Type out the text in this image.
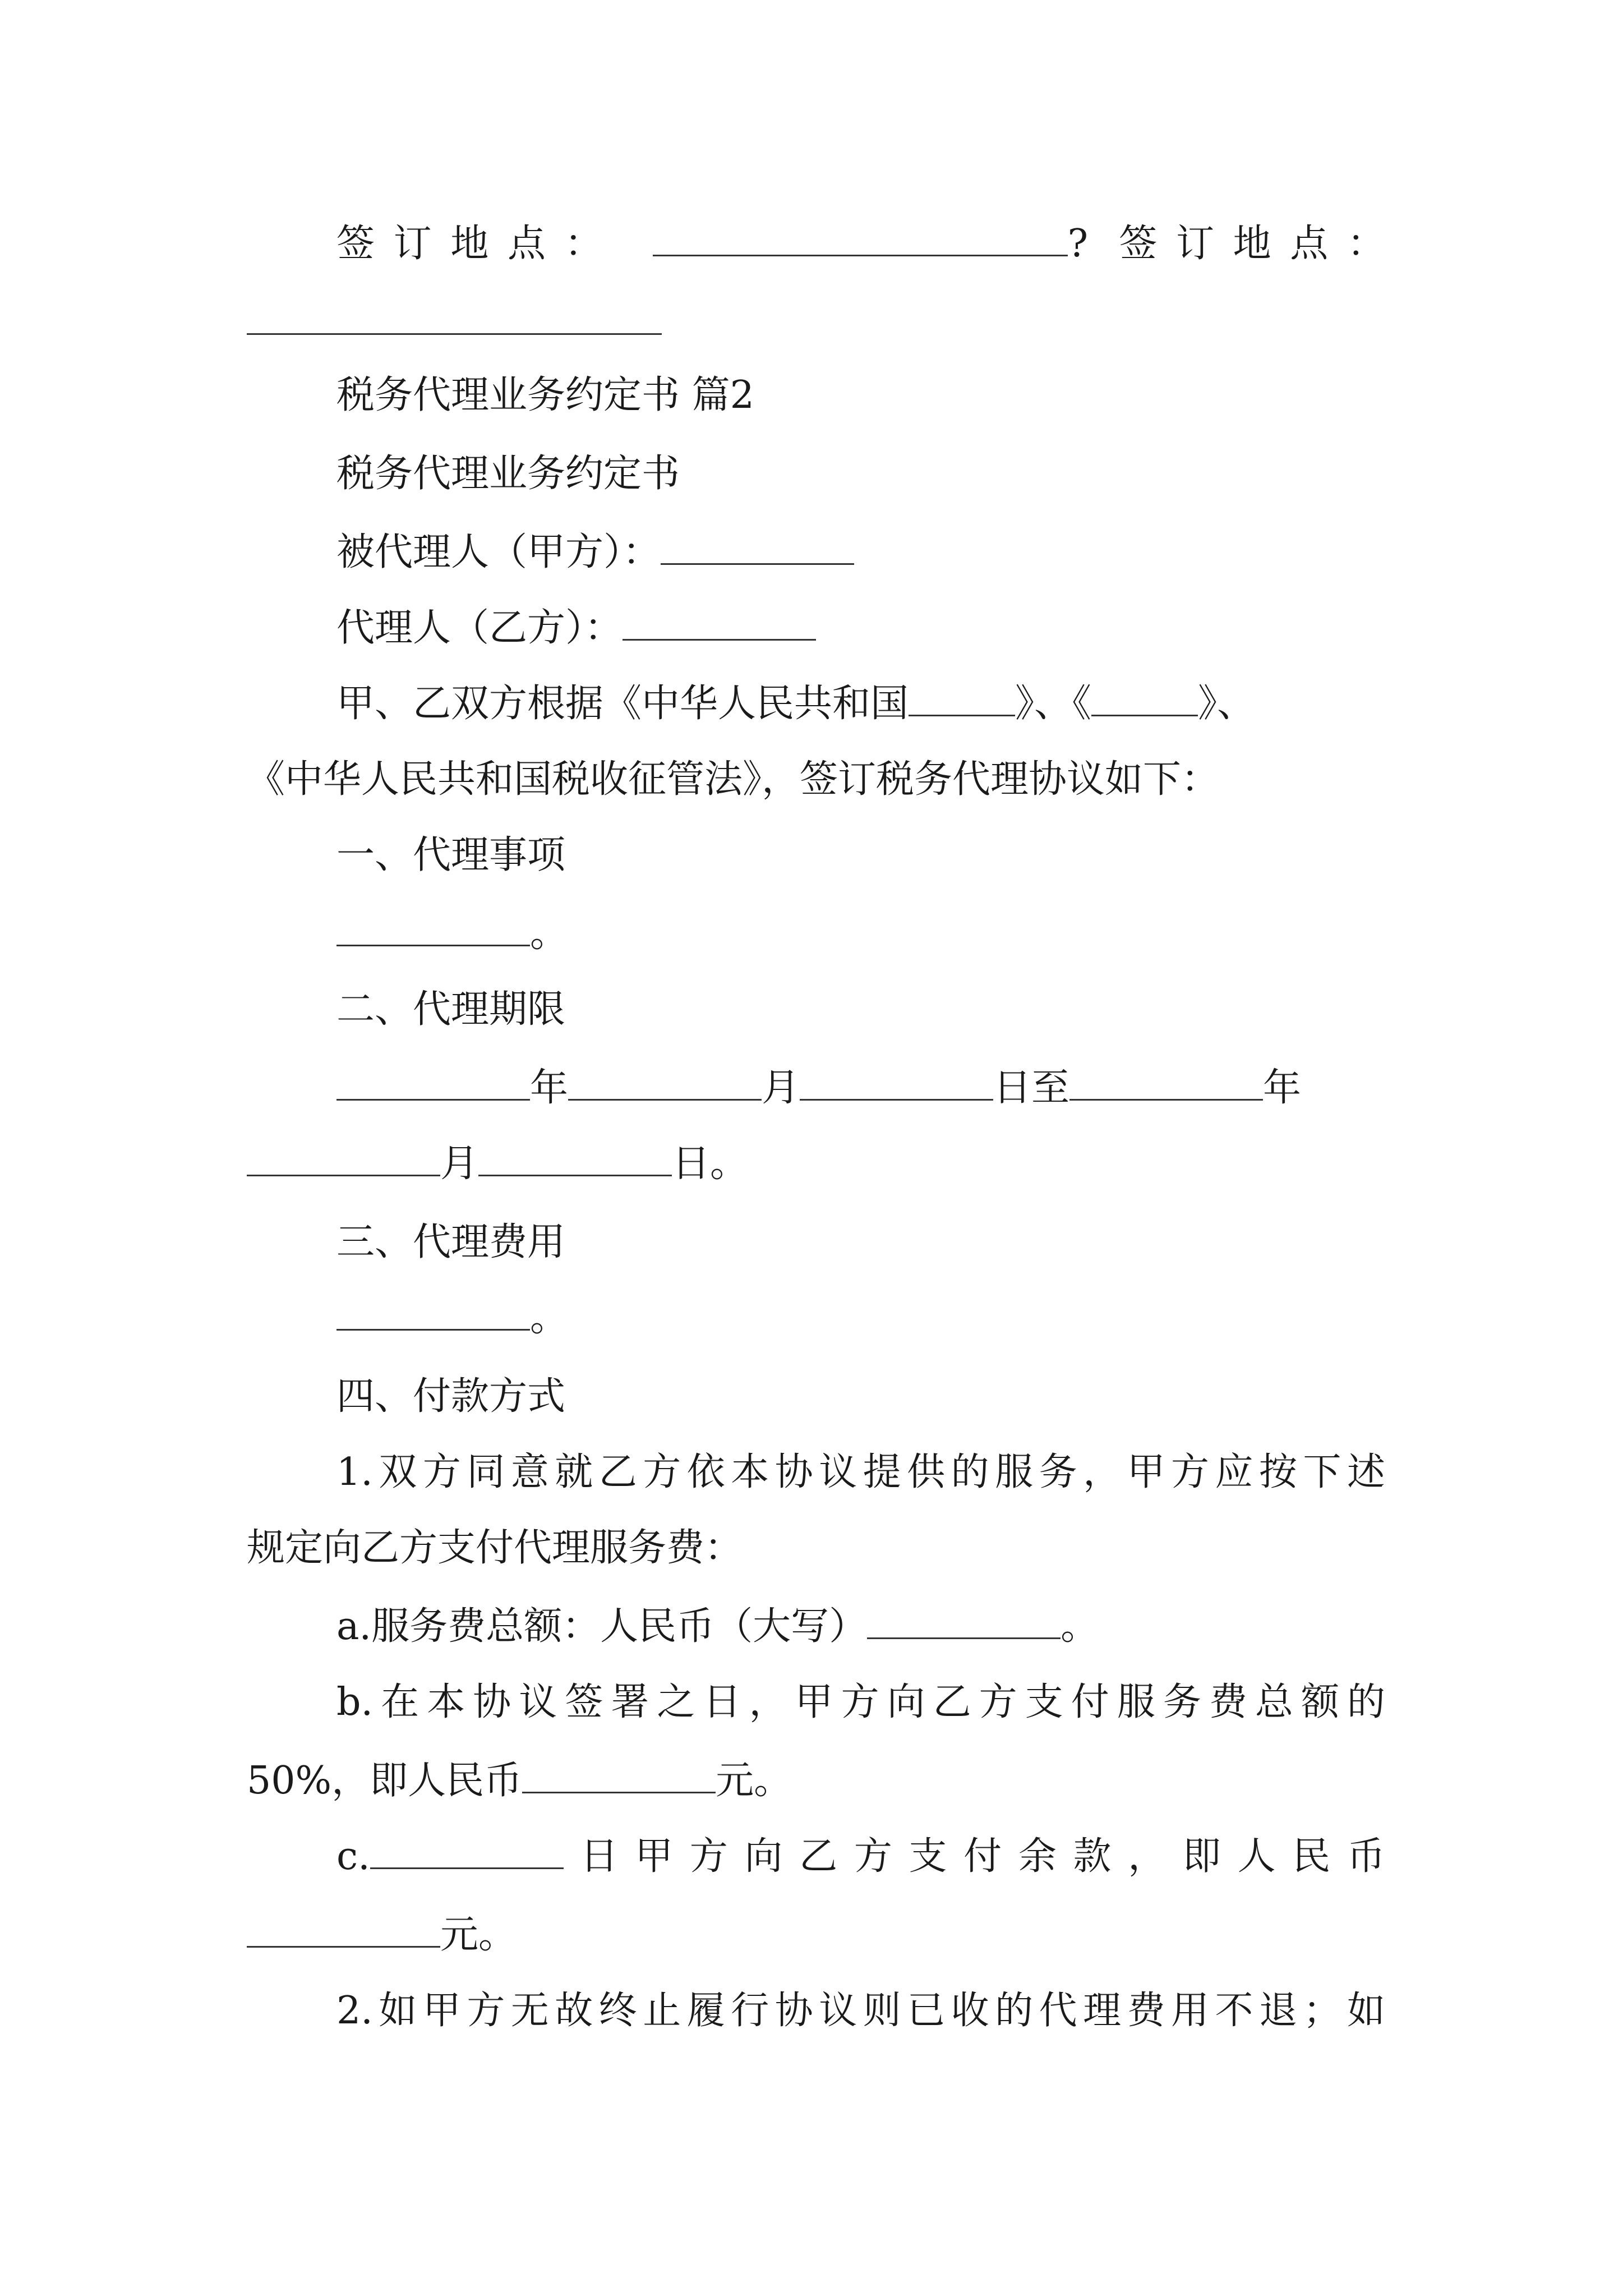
签订地点：	? 签订地点：
税务代理业务约定书 篇2
税务代理业务约定书
被代理人（甲方）：
代理人（乙方）：
甲、乙双方根据《中华人民共和国	》、《	》、
《中华人民共和国税收征管法》，签订税务代理协议如下：
一、代理事项
。
二、代理期限
年	月	日至	年
月	日。
三、代理费用
。
四、付款方式
1.双方同意就乙方依本协议提供的服务，甲方应按下述
规定向乙方支付代理服务费：
a.服务费总额：人民币（大写）	。
b.在本协议签署之日，甲方向乙方支付服务费总额的
50%，即人民币	元。
c.	日甲方向乙方支付余款，即人民币
元。
2.如甲方无故终止履行协议则已收的代理费用不退；如
